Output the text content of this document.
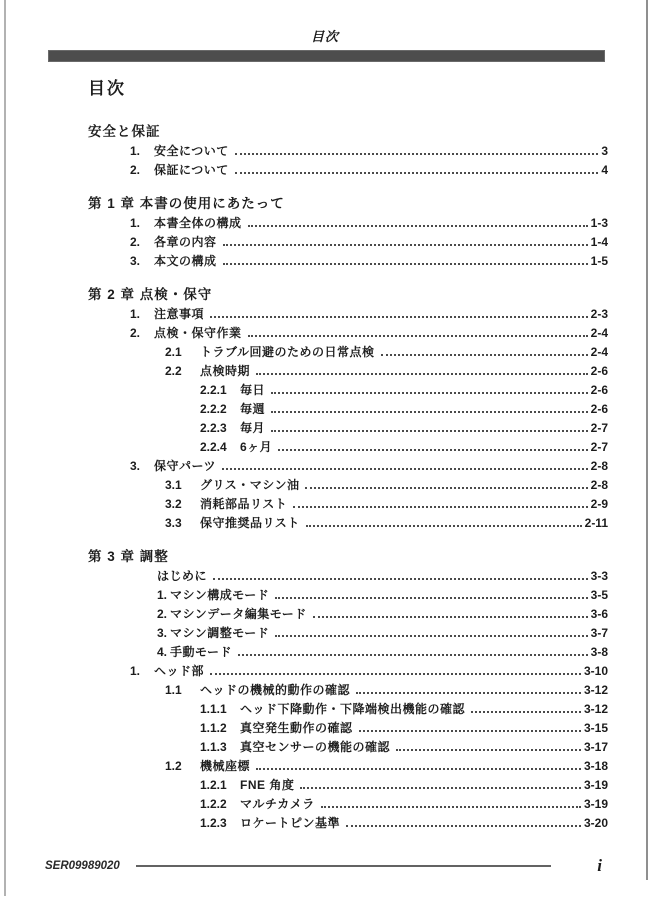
目次
目次
安全と保証
1.	安全について	3
2.	保証について	4
第 1 章 本書の使用にあたって
1.	本書全体の構成	1-3
2.	各章の内容	1-4
3.	本文の構成	1-5
第 2 章 点検・保守
1.	注意事項	2-3
2.	点検・保守作業	2-4
2.1	トラブル回避のための日常点検	2-4
2.2	点検時期	2-6
2.2.1	毎日	2-6
2.2.2	毎週	2-6
2.2.3	毎月	2-7
2.2.4	6ヶ月	2-7
3.	保守パーツ	2-8
3.1	グリス・マシン油	2-8
3.2	消耗部品リスト	2-9
3.3	保守推奨品リスト	2-11
第 3 章 調整
はじめに	3-3
1. マシン構成モード	3-5
2. マシンデータ編集モード	3-6
3. マシン調整モード	3-7
4. 手動モード	3-8
1.	ヘッド部	3-10
1.1	ヘッドの機械的動作の確認	3-12
1.1.1	ヘッド下降動作・下降端検出機能の確認	3-12
1.1.2	真空発生動作の確認	3-15
1.1.3	真空センサーの機能の確認	3-17
1.2	機械座標	3-18
1.2.1	FNE 角度	3-19
1.2.2	マルチカメラ	3-19
1.2.3	ロケートピン基準	3-20
SER09989020	i
